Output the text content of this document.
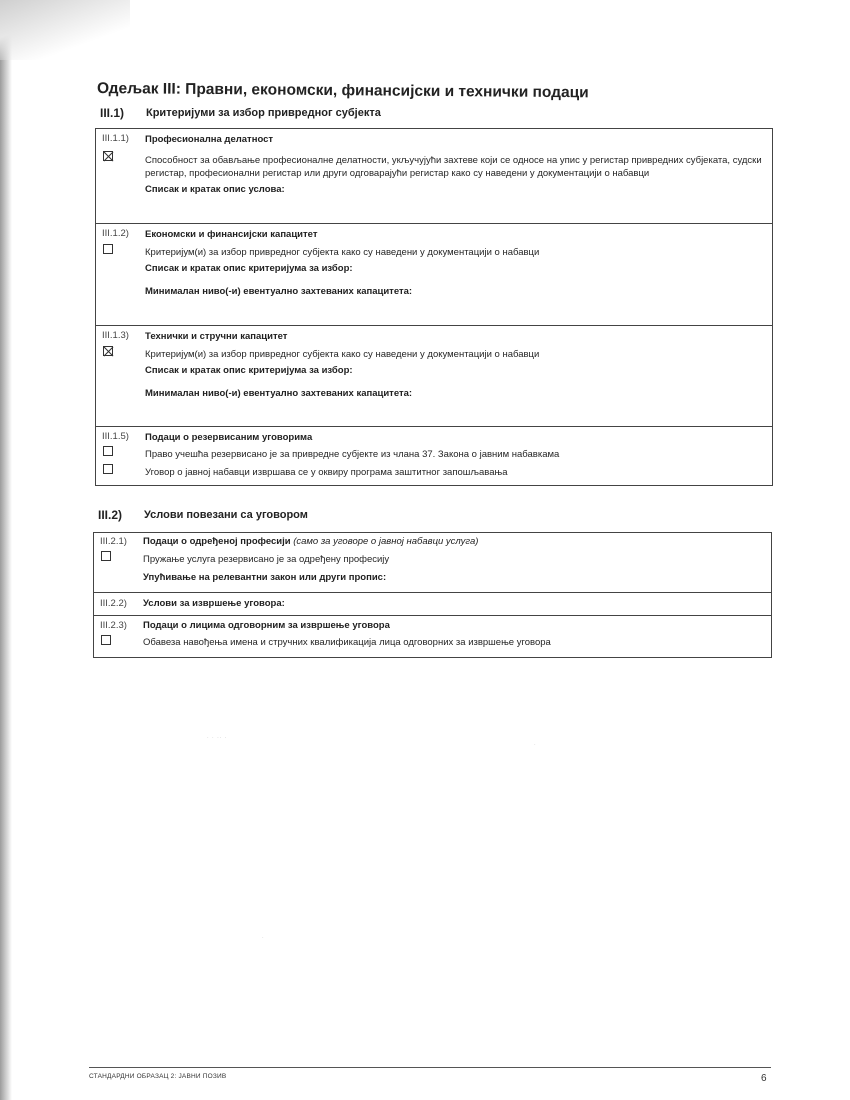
Одељак III: Правни, економски, финансијски и технички подаци
III.1) Критеријуми за избор привредног субјекта
III.1.1) Професионална делатност
Способност за обављање професионалне делатности, укључујући захтеве који се односе на упис у регистар привредних субјеката, судски регистар, професионални регистар или други одговарајући регистар како су наведени у документацији о набавци
Списак и кратак опис услова:
III.1.2) Економски и финансијски капацитет
Критеријум(и) за избор привредног субјекта како су наведени у документацији о набавци
Списак и кратак опис критеријума за избор:
Минималан ниво(-и) евентуално захтеваних капацитета:
III.1.3) Технички и стручни капацитет
Критеријум(и) за избор привредног субјекта како су наведени у документацији о набавци
Списак и кратак опис критеријума за избор:
Минималан ниво(-и) евентуално захтеваних капацитета:
III.1.5) Подаци о резервисаним уговорима
Право учешћа резервисано је за привредне субјекте из члана 37. Закона о јавним набавкама
Уговор о јавној набавци извршава се у оквиру програма заштитног запошљавања
III.2) Услови повезани са уговором
III.2.1) Подаци о одређеној професији (само за уговоре о јавној набавци услуга)
Пружање услуга резервисано је за одређену професију
Упућивање на релевантни закон или други пропис:
III.2.2) Услови за извршење уговора:
III.2.3) Подаци о лицима одговорним за извршење уговора
Обавеза навођења имена и стручних квалификација лица одговорних за извршење уговора
· · ·· ·
·
·
СТАНДАРДНИ ОБРАЗАЦ 2: ЈАВНИ ПОЗИВ	6
